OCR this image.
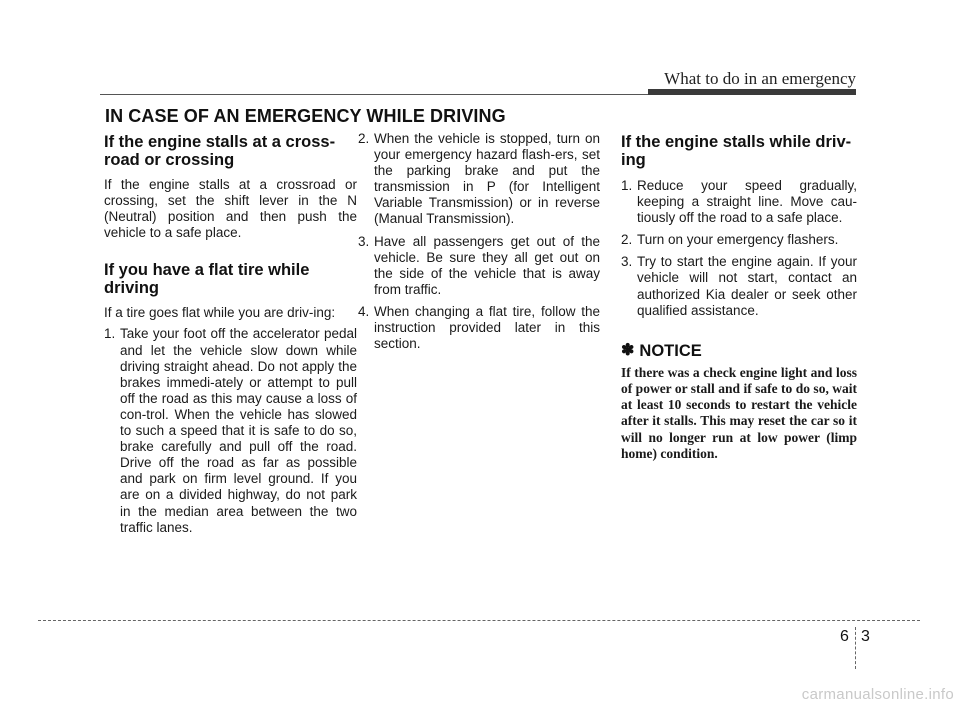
What to do in an emergency
IN CASE OF AN EMERGENCY WHILE DRIVING
If the engine stalls at a cross-
road or crossing

If the engine stalls at a crossroad or crossing, set the shift lever in the N (Neutral) position and then push the vehicle to a safe place.

If you have a flat tire while
driving

If a tire goes flat while you are driv-ing:

1. Take your foot off the accelerator pedal and let the vehicle slow down while driving straight ahead. Do not apply the brakes immedi-ately or attempt to pull off the road as this may cause a loss of con-trol. When the vehicle has slowed to such a speed that it is safe to do so, brake carefully and pull off the road. Drive off the road as far as possible and park on firm level ground. If you are on a divided highway, do not park in the median area between the two traffic lanes.
2. When the vehicle is stopped, turn on your emergency hazard flash-ers, set the parking brake and put the transmission in P (for Intelligent Variable Transmission) or in reverse (Manual Transmission).
3. Have all passengers get out of the vehicle. Be sure they all get out on the side of the vehicle that is away from traffic.
4. When changing a flat tire, follow the instruction provided later in this section.
If the engine stalls while driv-
ing
1. Reduce your speed gradually, keeping a straight line. Move cau-tiously off the road to a safe place.
2. Turn on your emergency flashers.
3. Try to start the engine again. If your vehicle will not start, contact an authorized Kia dealer or seek other qualified assistance.
✽ NOTICE

If there was a check engine light and loss of power or stall and if safe to do so, wait at least 10 seconds to restart the vehicle after it stalls. This may reset the car so it will no longer run at low power (limp home) condition.

6 3
carmanualsonline.info
